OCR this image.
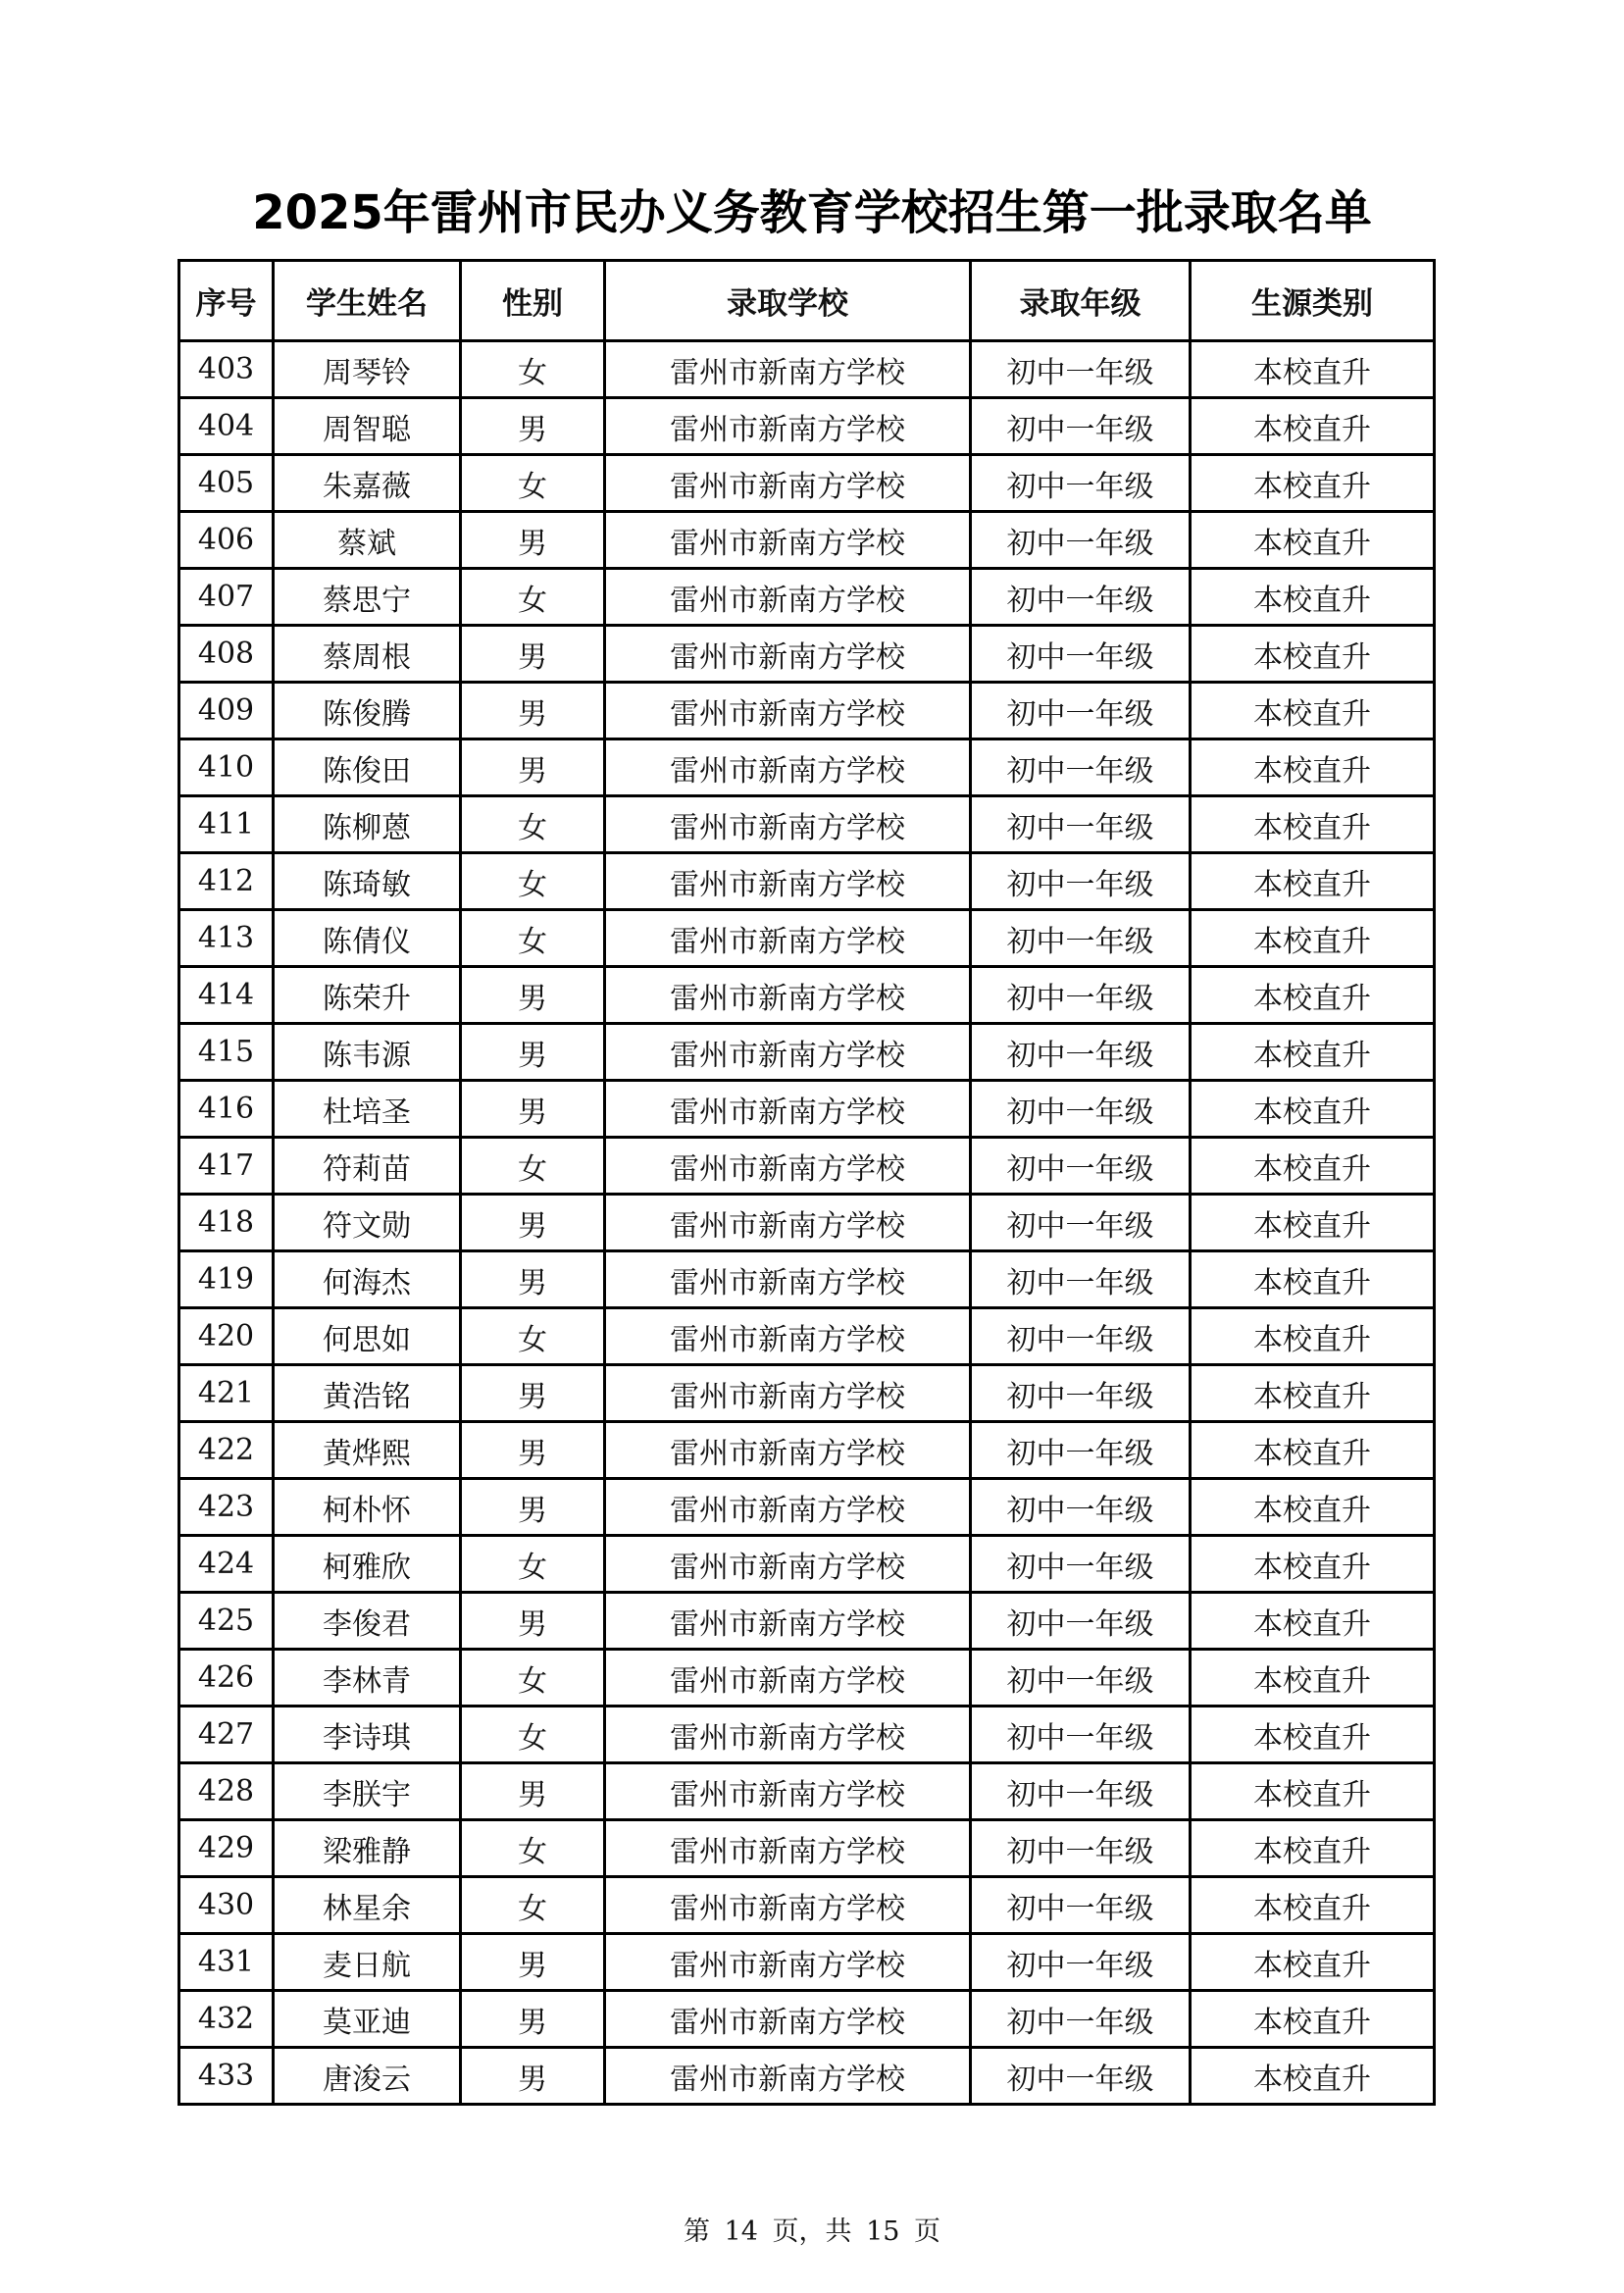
2025年雷州市民办义务教育学校招生第一批录取名单
序号	学生姓名	性别	录取学校	录取年级	生源类别
403	周琴铃	女	雷州市新南方学校	初中一年级	本校直升
404	周智聪	男	雷州市新南方学校	初中一年级	本校直升
405	朱嘉薇	女	雷州市新南方学校	初中一年级	本校直升
406	蔡斌	男	雷州市新南方学校	初中一年级	本校直升
407	蔡思宁	女	雷州市新南方学校	初中一年级	本校直升
408	蔡周根	男	雷州市新南方学校	初中一年级	本校直升
409	陈俊腾	男	雷州市新南方学校	初中一年级	本校直升
410	陈俊田	男	雷州市新南方学校	初中一年级	本校直升
411	陈柳蒽	女	雷州市新南方学校	初中一年级	本校直升
412	陈琦敏	女	雷州市新南方学校	初中一年级	本校直升
413	陈倩仪	女	雷州市新南方学校	初中一年级	本校直升
414	陈荣升	男	雷州市新南方学校	初中一年级	本校直升
415	陈韦源	男	雷州市新南方学校	初中一年级	本校直升
416	杜培圣	男	雷州市新南方学校	初中一年级	本校直升
417	符莉苗	女	雷州市新南方学校	初中一年级	本校直升
418	符文勋	男	雷州市新南方学校	初中一年级	本校直升
419	何海杰	男	雷州市新南方学校	初中一年级	本校直升
420	何思如	女	雷州市新南方学校	初中一年级	本校直升
421	黄浩铭	男	雷州市新南方学校	初中一年级	本校直升
422	黄烨熙	男	雷州市新南方学校	初中一年级	本校直升
423	柯朴怀	男	雷州市新南方学校	初中一年级	本校直升
424	柯雅欣	女	雷州市新南方学校	初中一年级	本校直升
425	李俊君	男	雷州市新南方学校	初中一年级	本校直升
426	李林青	女	雷州市新南方学校	初中一年级	本校直升
427	李诗琪	女	雷州市新南方学校	初中一年级	本校直升
428	李朕宇	男	雷州市新南方学校	初中一年级	本校直升
429	梁雅静	女	雷州市新南方学校	初中一年级	本校直升
430	林星余	女	雷州市新南方学校	初中一年级	本校直升
431	麦日航	男	雷州市新南方学校	初中一年级	本校直升
432	莫亚迪	男	雷州市新南方学校	初中一年级	本校直升
433	唐浚云	男	雷州市新南方学校	初中一年级	本校直升
第 14 页，共 15 页
